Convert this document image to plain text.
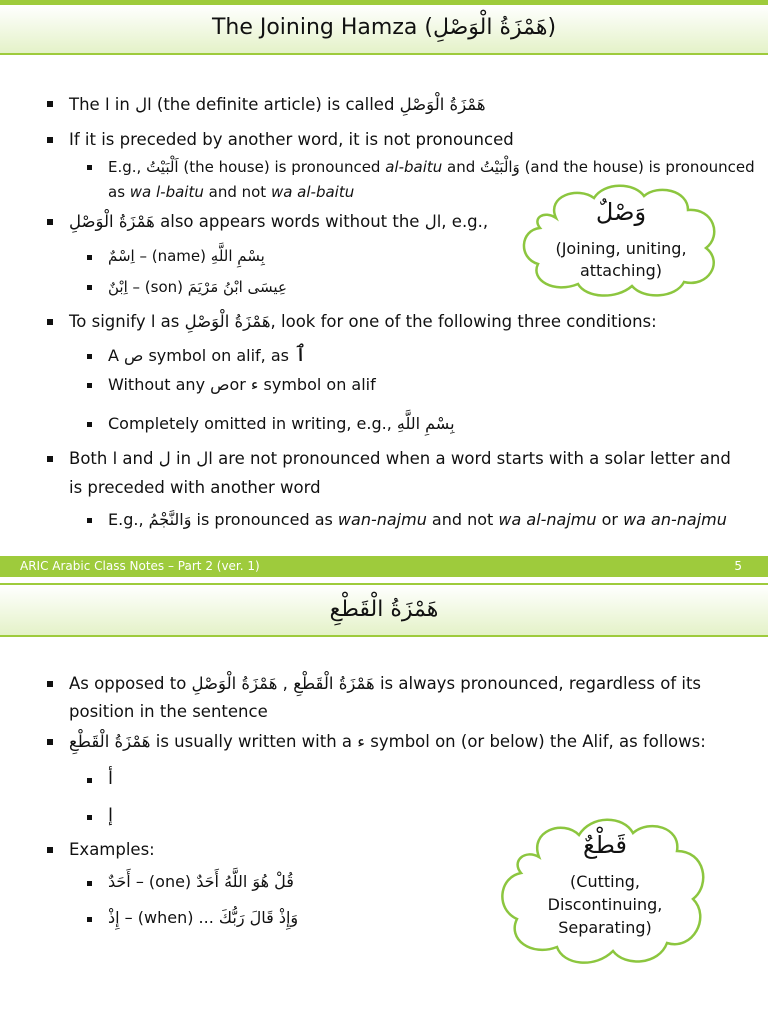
The Joining Hamza (هَمْزَةُ الْوَصْلِ)
The ا in ال (the definite article) is called هَمْزَةُ الْوَصْلِ
If it is preceded by another word, it is not pronounced
E.g., اَلْبَيْتُ (the house) is pronounced al-baitu and وَالْبَيْتُ (and the house) is pronounced
as wa l-baitu and not wa al-baitu
هَمْزَةُ الْوَصْلِ also appears words without the ال, e.g.,
اِسْمٌ – (name) بِسْمِ اللَّهِ
اِبْنٌ – (son) عِيسَى ابْنُ مَرْيَمَ
To signify ا as هَمْزَةُ الْوَصْلِ, look for one of the following three conditions:
A ص symbol on alif, as ٱ
Without any صor ء symbol on alif
Completely omitted in writing, e.g., بِسْمِ اللَّهِ
Both ا and ل in ال are not pronounced when a word starts with a solar letter and
is preceded with another word
E.g., وَالنَّجْمُ is pronounced as wan-najmu and not wa al-najmu or wa an-najmu
وَصْلٌ
(Joining, uniting,
attaching)
ARIC Arabic Class Notes – Part 2 (ver. 1)	5
هَمْزَةُ الْقَطْعِ
As opposed to هَمْزَةُ الْوَصْلِ , هَمْزَةُ الْقَطْعِ is always pronounced, regardless of its
position in the sentence
هَمْزَةُ الْقَطْعِ is usually written with a ء symbol on (or below) the Alif, as follows:
أ
إ
Examples:
أَحَدٌ – (one) قُلْ هُوَ اللَّهُ أَحَدٌ
إِذْ – (when) وَإِذْ قَالَ رَبُّكَ ...
قَطْعٌ
(Cutting,
Discontinuing,
Separating)
